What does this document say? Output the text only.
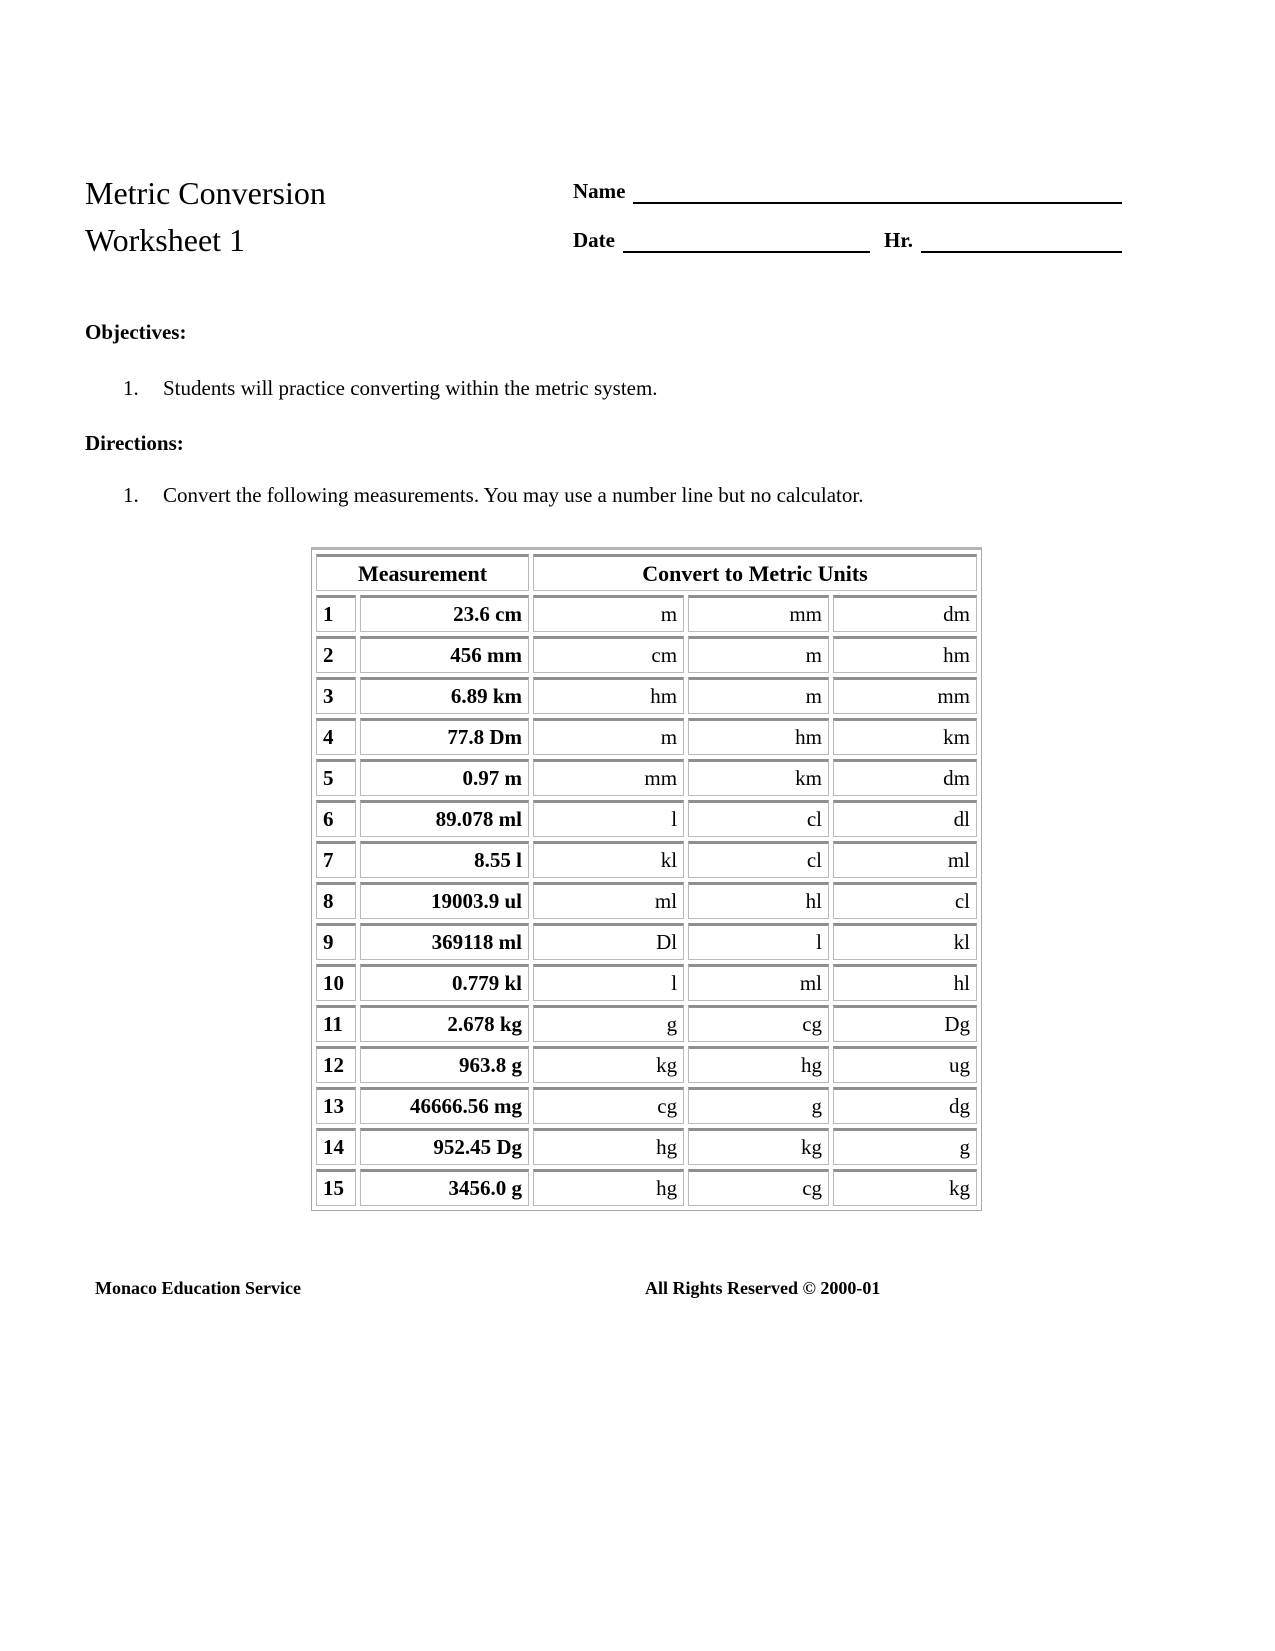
Metric Conversion
Worksheet 1
Name
Date	Hr.
Objectives:
1.	Students will practice converting within the metric system.
Directions:
1.	Convert the following measurements. You may use a number line but no calculator.
Measurement		Convert to Metric Units		
1	23.6 cm	m	mm	dm
2	456 mm	cm	m	hm
3	6.89 km	hm	m	mm
4	77.8 Dm	m	hm	km
5	0.97 m	mm	km	dm
6	89.078 ml	l	cl	dl
7	8.55 l	kl	cl	ml
8	19003.9 ul	ml	hl	cl
9	369118 ml	Dl	l	kl
10	0.779 kl	l	ml	hl
11	2.678 kg	g	cg	Dg
12	963.8 g	kg	hg	ug
13	46666.56 mg	cg	g	dg
14	952.45 Dg	hg	kg	g
15	3456.0 g	hg	cg	kg
Monaco Education Service	All Rights Reserved © 2000-01
